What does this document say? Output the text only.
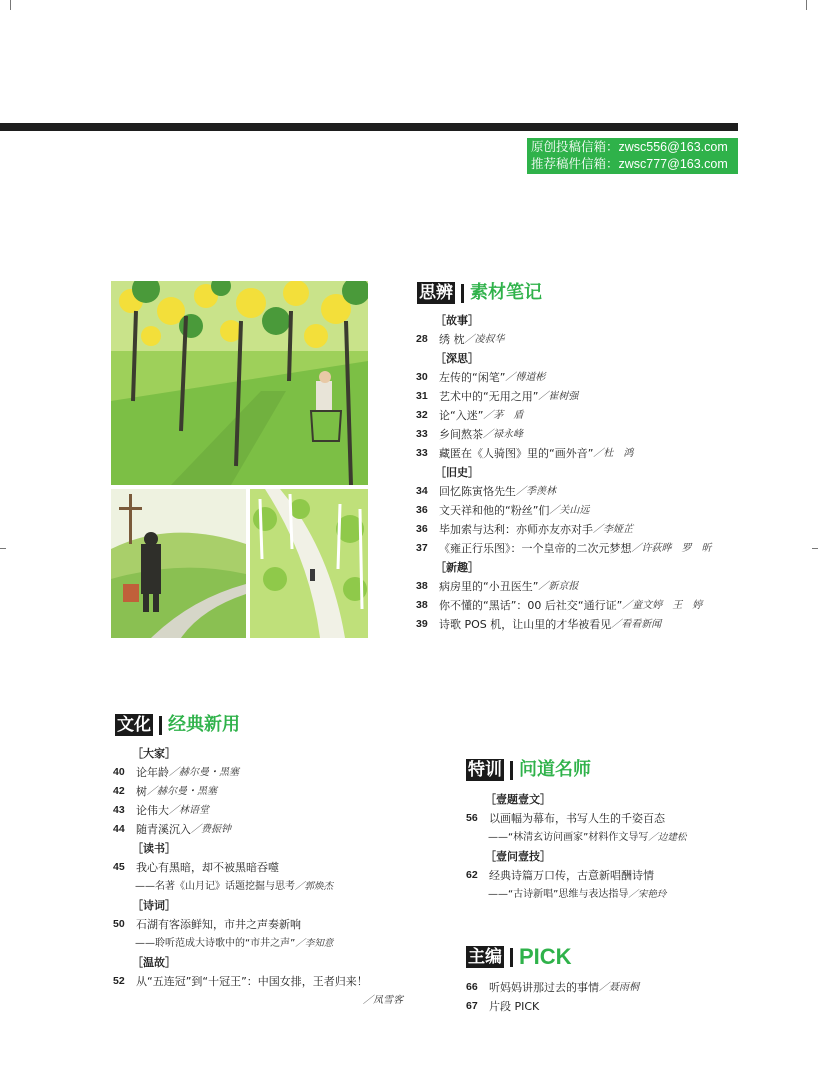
原创投稿信箱：zwsc556@163.com
推荐稿件信箱：zwsc777@163.com
思辨 素材笔记
［故事］
28	绣 枕 ／凌叔华
［深思］
30	左传的“闲笔” ／傅道彬
31	艺术中的“无用之用” ／崔树强
32	论“入迷” ／茅　盾
33	乡间熬茶 ／禄永峰
33	藏匿在《人骑图》里的“画外音” ／杜　鸿
［旧史］
34	回忆陈寅恪先生 ／季羡林
36	文天祥和他的“粉丝”们 ／关山远
36	毕加索与达利：亦师亦友亦对手 ／李娅芷
37	《雍正行乐图》：一个皇帝的二次元梦想 ／许荻晔　罗　昕
［新趣］
38	病房里的“小丑医生” ／新京报
38	你不懂的“黑话”：00 后社交“通行证” ／童文婷　王　婷
39	诗歌 POS 机，让山里的才华被看见 ／看看新闻
文化 经典新用
［大家］
40	论年龄 ／赫尔曼・黑塞
42	树 ／赫尔曼・黑塞
43	论伟大 ／林语堂
44	随青溪沉入 ／费振钟
［读书］
45	我心有黑暗，却不被黑暗吞噬
——名著《山月记》话题挖掘与思考 ／郭焕杰
［诗词］
50	石湖有客添鲜知，市井之声奏新响
——聆听范成大诗歌中的“市井之声” ／李知意
［温故］
52	从“五连冠”到“十冠王”：中国女排，王者归来！
／凤雪客
特训 问道名师
［壹题壹文］
56	以画幅为幕布，书写人生的千姿百态
——“林清玄访问画家”材料作文导写 ／边建松
［壹问壹技］
62	经典诗篇万口传，古意新唱酬诗情
——“古诗新唱”思维与表达指导 ／宋艳玲
主编 PICK
66	听妈妈讲那过去的事情 ／聂雨桐
67	片段 PICK
